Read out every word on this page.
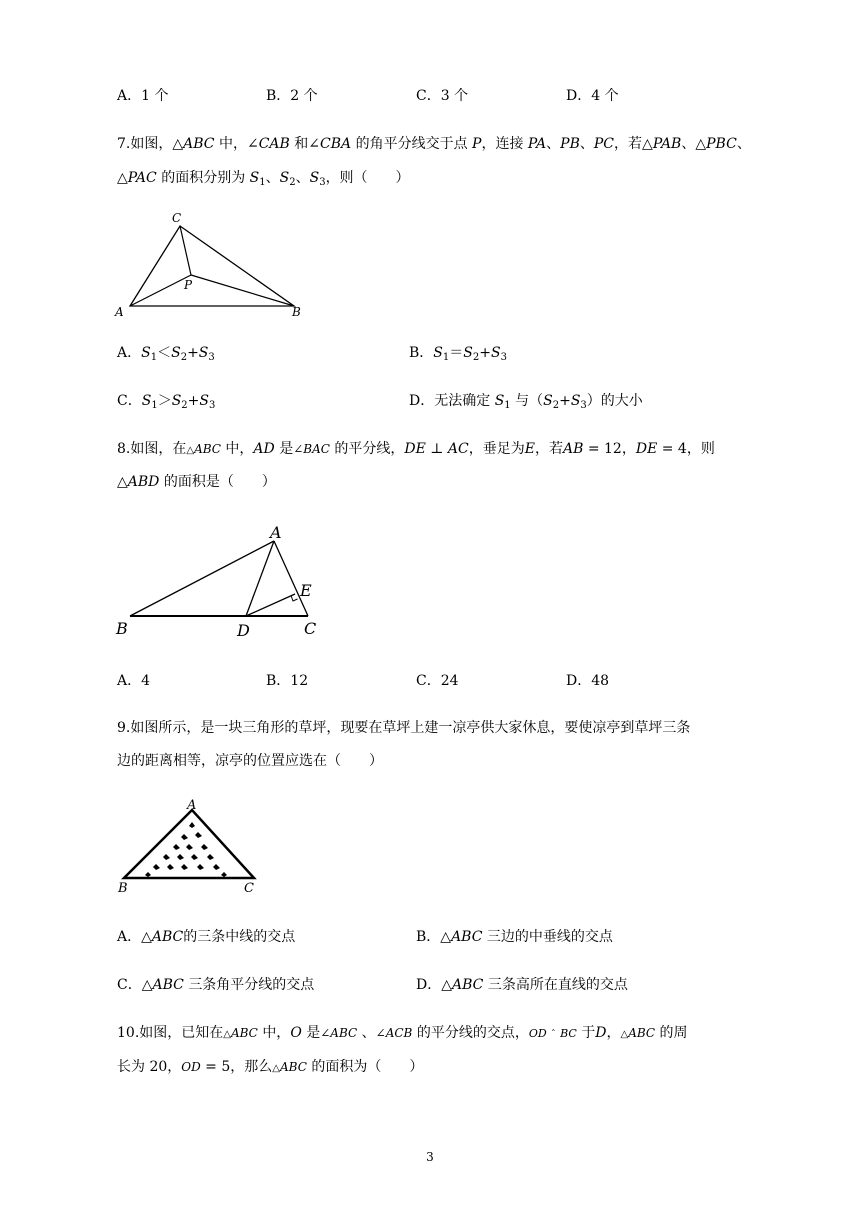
A．1 个	B．2 个	C．3 个	D．4 个
7.如图，△ABC 中，∠CAB 和∠CBA 的角平分线交于点 P，连接 PA、PB、PC，若△PAB、△PBC、
△PAC 的面积分别为 $S_1$、$S_2$、$S_3$，则（　　）
C
P
A	B
A．$S_1<S_2+S_3$	B．$S_1=S_2+S_3$
C．$S_1>S_2+S_3$	D．无法确定 $S_1$ 与$(S_2+S_3)$的大小
8.如图，在△ABC 中，AD 是∠BAC 的平分线，DE ⊥ AC，垂足为E，若AB = 12，DE = 4，则
△ABD 的面积是（　　）
A
E
B	D	C
A．4	B．12	C．24	D．48
9.如图所示，是一块三角形的草坪，现要在草坪上建一凉亭供大家休息，要使凉亭到草坪三条
边的距离相等，凉亭的位置应选在（　　）
A
B	C
A．△ABC的三条中线的交点	B．△ABC 三边的中垂线的交点
C．△ABC 三条角平分线的交点	D．△ABC 三条高所在直线的交点
10.如图，已知在△ABC 中，O 是∠ABC 、∠ACB 的平分线的交点，OD ˆ BC 于D，△ABC 的周
长为 20，OD = 5，那么△ABC 的面积为（　　）
3
